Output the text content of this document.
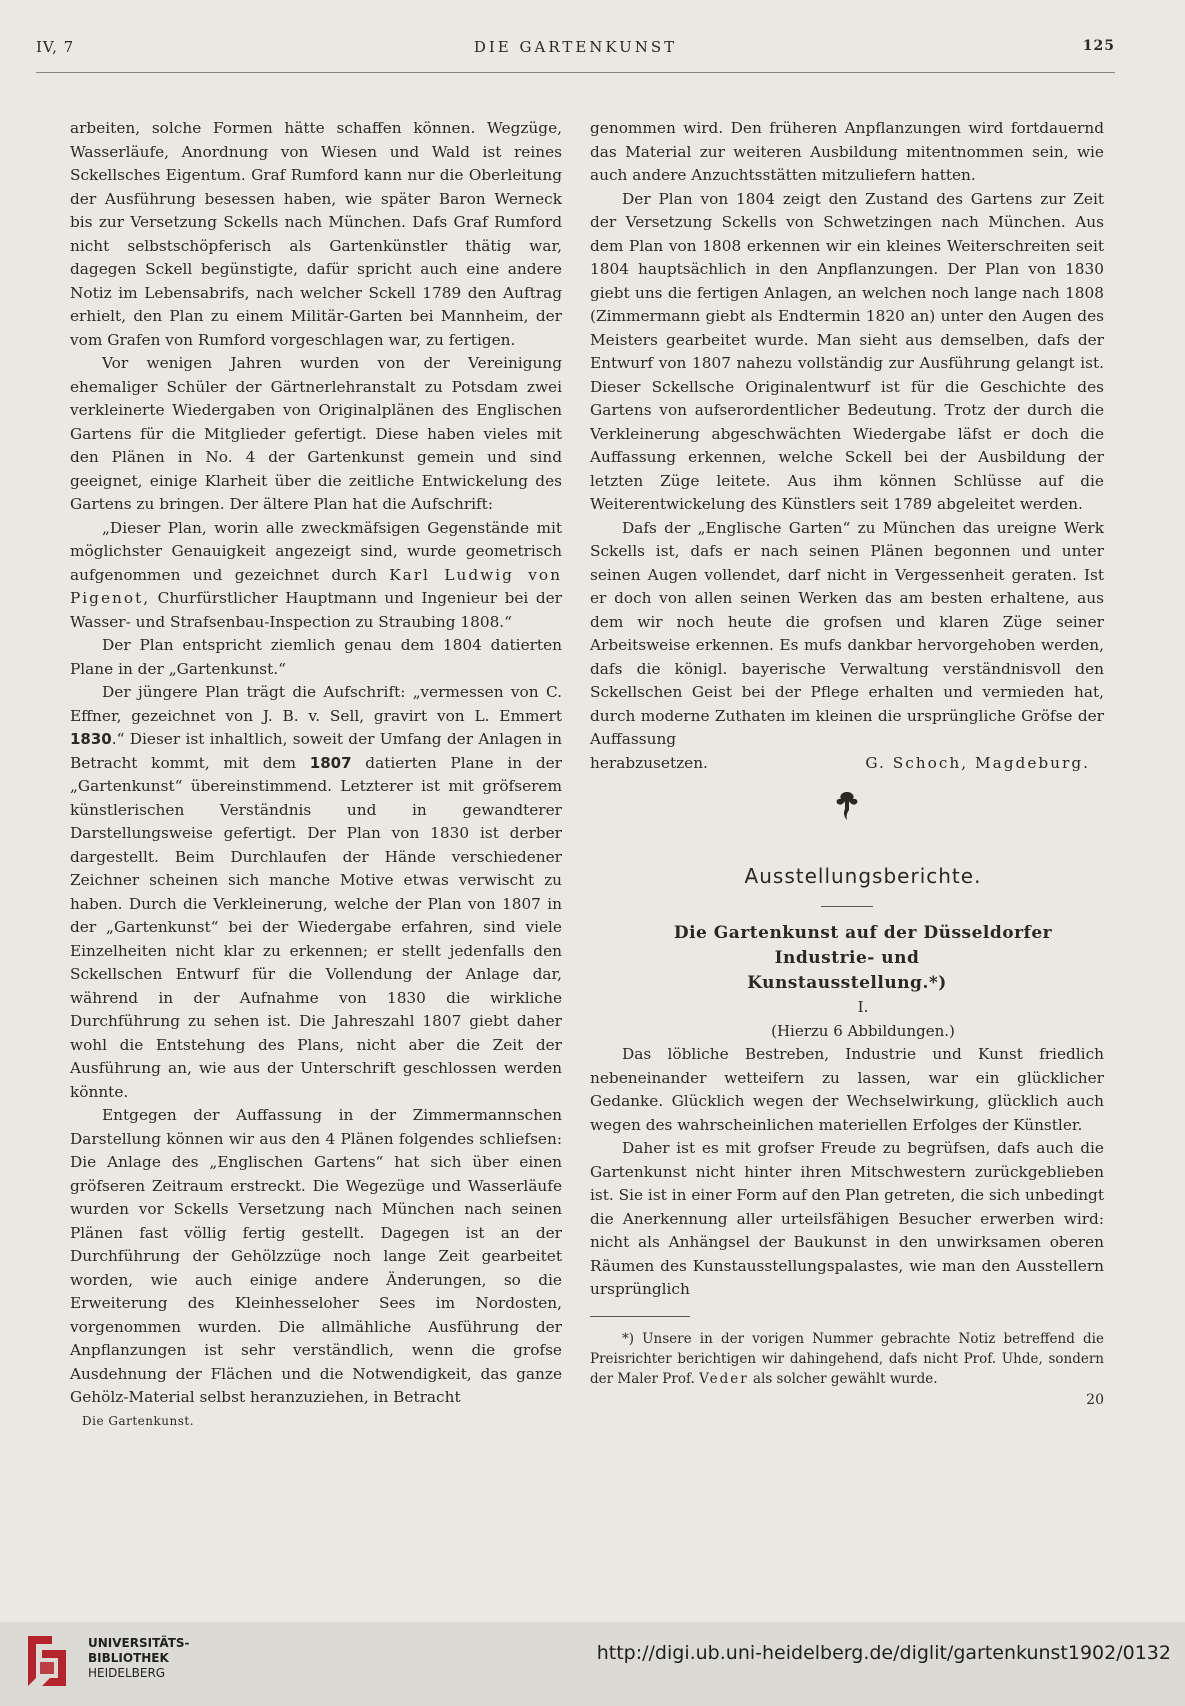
IV, 7	DIE GARTENKUNST	125

arbeiten, solche Formen hätte schaffen können. Wegzüge, Wasserläufe, Anordnung von Wiesen und Wald ist reines Sckellsches Eigentum. Graf Rumford kann nur die Oberleitung der Ausführung besessen haben, wie später Baron Werneck bis zur Versetzung Sckells nach München. Dafs Graf Rumford nicht selbstschöpferisch als Gartenkünstler thätig war, dagegen Sckell begünstigte, dafür spricht auch eine andere Notiz im Lebensabrifs, nach welcher Sckell 1789 den Auftrag erhielt, den Plan zu einem Militär-Garten bei Mannheim, der vom Grafen von Rumford vorgeschlagen war, zu fertigen.

Vor wenigen Jahren wurden von der Vereinigung ehemaliger Schüler der Gärtnerlehranstalt zu Potsdam zwei verkleinerte Wiedergaben von Originalplänen des Englischen Gartens für die Mitglieder gefertigt. Diese haben vieles mit den Plänen in No. 4 der Gartenkunst gemein und sind geeignet, einige Klarheit über die zeitliche Entwickelung des Gartens zu bringen. Der ältere Plan hat die Aufschrift:

„Dieser Plan, worin alle zweckmäfsigen Gegenstände mit möglichster Genauigkeit angezeigt sind, wurde geometrisch aufgenommen und gezeichnet durch Karl Ludwig von Pigenot, Churfürstlicher Hauptmann und Ingenieur bei der Wasser- und Strafsenbau-Inspection zu Straubing 1808.“

Der Plan entspricht ziemlich genau dem 1804 datierten Plane in der „Gartenkunst.“

Der jüngere Plan trägt die Aufschrift: „vermessen von C. Effner, gezeichnet von J. B. v. Sell, gravirt von L. Emmert 1830.“ Dieser ist inhaltlich, soweit der Umfang der Anlagen in Betracht kommt, mit dem 1807 datierten Plane in der „Gartenkunst“ übereinstimmend. Letzterer ist mit gröfserem künstlerischen Verständnis und in gewandterer Darstellungsweise gefertigt. Der Plan von 1830 ist derber dargestellt. Beim Durchlaufen der Hände verschiedener Zeichner scheinen sich manche Motive etwas verwischt zu haben. Durch die Verkleinerung, welche der Plan von 1807 in der „Gartenkunst“ bei der Wiedergabe erfahren, sind viele Einzelheiten nicht klar zu erkennen; er stellt jedenfalls den Sckellschen Entwurf für die Vollendung der Anlage dar, während in der Aufnahme von 1830 die wirkliche Durchführung zu sehen ist. Die Jahreszahl 1807 giebt daher wohl die Entstehung des Plans, nicht aber die Zeit der Ausführung an, wie aus der Unterschrift geschlossen werden könnte.

Entgegen der Auffassung in der Zimmermannschen Darstellung können wir aus den 4 Plänen folgendes schliefsen: Die Anlage des „Englischen Gartens“ hat sich über einen gröfseren Zeitraum erstreckt. Die Wegezüge und Wasserläufe wurden vor Sckells Versetzung nach München nach seinen Plänen fast völlig fertig gestellt. Dagegen ist an der Durchführung der Gehölzzüge noch lange Zeit gearbeitet worden, wie auch einige andere Änderungen, so die Erweiterung des Kleinhesseloher Sees im Nordosten, vorgenommen wurden. Die allmähliche Ausführung der Anpflanzungen ist sehr verständlich, wenn die grofse Ausdehnung der Flächen und die Notwendigkeit, das ganze Gehölz-Material selbst heranzuziehen, in Betracht

Die Gartenkunst.

genommen wird. Den früheren Anpflanzungen wird fortdauernd das Material zur weiteren Ausbildung mitentnommen sein, wie auch andere Anzuchtsstätten mitzuliefern hatten.

Der Plan von 1804 zeigt den Zustand des Gartens zur Zeit der Versetzung Sckells von Schwetzingen nach München. Aus dem Plan von 1808 erkennen wir ein kleines Weiterschreiten seit 1804 hauptsächlich in den Anpflanzungen. Der Plan von 1830 giebt uns die fertigen Anlagen, an welchen noch lange nach 1808 (Zimmermann giebt als Endtermin 1820 an) unter den Augen des Meisters gearbeitet wurde. Man sieht aus demselben, dafs der Entwurf von 1807 nahezu vollständig zur Ausführung gelangt ist. Dieser Sckellsche Originalentwurf ist für die Geschichte des Gartens von aufserordentlicher Bedeutung. Trotz der durch die Verkleinerung abgeschwächten Wiedergabe läfst er doch die Auffassung erkennen, welche Sckell bei der Ausbildung der letzten Züge leitete. Aus ihm können Schlüsse auf die Weiterentwickelung des Künstlers seit 1789 abgeleitet werden.

Dafs der „Englische Garten“ zu München das ureigne Werk Sckells ist, dafs er nach seinen Plänen begonnen und unter seinen Augen vollendet, darf nicht in Vergessenheit geraten. Ist er doch von allen seinen Werken das am besten erhaltene, aus dem wir noch heute die grofsen und klaren Züge seiner Arbeitsweise erkennen. Es mufs dankbar hervorgehoben werden, dafs die königl. bayerische Verwaltung verständnisvoll den Sckellschen Geist bei der Pflege erhalten und vermieden hat, durch moderne Zuthaten im kleinen die ursprüngliche Gröfse der Auffassung

herabzusetzen.	G. Schoch, Magdeburg.

Ausstellungsberichte.

Die Gartenkunst auf der Düsseldorfer Industrie- und
Kunstausstellung.*)

I.

(Hierzu 6 Abbildungen.)

Das löbliche Bestreben, Industrie und Kunst friedlich nebeneinander wetteifern zu lassen, war ein glücklicher Gedanke. Glücklich wegen der Wechselwirkung, glücklich auch wegen des wahrscheinlichen materiellen Erfolges der Künstler.

Daher ist es mit grofser Freude zu begrüfsen, dafs auch die Gartenkunst nicht hinter ihren Mitschwestern zurückgeblieben ist. Sie ist in einer Form auf den Plan getreten, die sich unbedingt die Anerkennung aller urteilsfähigen Besucher erwerben wird: nicht als Anhängsel der Baukunst in den unwirksamen oberen Räumen des Kunstausstellungspalastes, wie man den Ausstellern ursprünglich

*) Unsere in der vorigen Nummer gebrachte Notiz betreffend die Preisrichter berichtigen wir dahingehend, dafs nicht Prof. Uhde, sondern der Maler Prof. Veder als solcher gewählt wurde.

20

UNIVERSITÄTS-
BIBLIOTHEK
HEIDELBERG
http://digi.ub.uni-heidelberg.de/diglit/gartenkunst1902/0132
